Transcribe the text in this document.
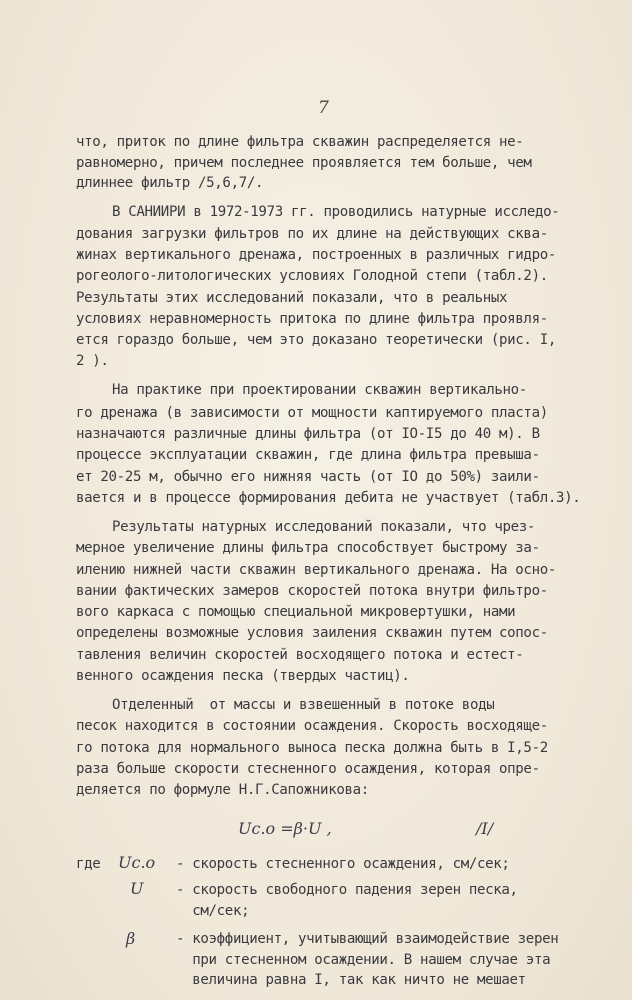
7
что, приток по длине фильтра скважин распределяется не-
равномерно, причем последнее проявляется тем больше, чем
длиннее фильтр /5,6,7/.
В САНИИРИ в 1972-1973 гг. проводились натурные исследо-
дования загрузки фильтров по их длине на действующих сква-
жинах вертикального дренажа, построенных в различных гидро-
рогеолого-литологических условиях Голодной степи (табл.2).
Результаты этих исследований показали, что в реальных
условиях неравномерность притока по длине фильтра проявля-
ется гораздо больше, чем это доказано теоретически (рис. I,
2 ).
На практике при проектировании скважин вертикально-
го дренажа (в зависимости от мощности каптируемого пласта)
назначаются различные длины фильтра (от IO-I5 до 40 м). В
процессе эксплуатации скважин, где длина фильтра превыша-
ет 20-25 м, обычно его нижняя часть (от IO до 50%) заили-
вается и в процессе формирования дебита не участвует (табл.3).
Результаты натурных исследований показали, что чрез-
мерное увеличение длины фильтра способствует быстрому за-
илению нижней части скважин вертикального дренажа. На осно-
вании фактических замеров скоростей потока внутри фильтро-
вого каркаса с помощью специальной микровертушки, нами
определены возможные условия заиления скважин путем сопос-
тавления величин скоростей восходящего потока и естест-
венного осаждения песка (твердых частиц).
Отделенный  от массы и взвешенный в потоке воды
песок находится в состоянии осаждения. Скорость восходяще-
го потока для нормального выноса песка должна быть в I,5-2
раза больше скорости стесненного осаждения, которая опре-
деляется по формуле Н.Г.Сапожникова:
Uс.о =β·U ,	/I/
где Uс.о - скорость стесненного осаждения, см/сек;
U - скорость свободного падения зерен песка,
см/сек;
β	- коэффициент, учитывающий взаимодействие зерен
при стесненном осаждении. В нашем случае эта
величина равна I, так как ничто не мешает
